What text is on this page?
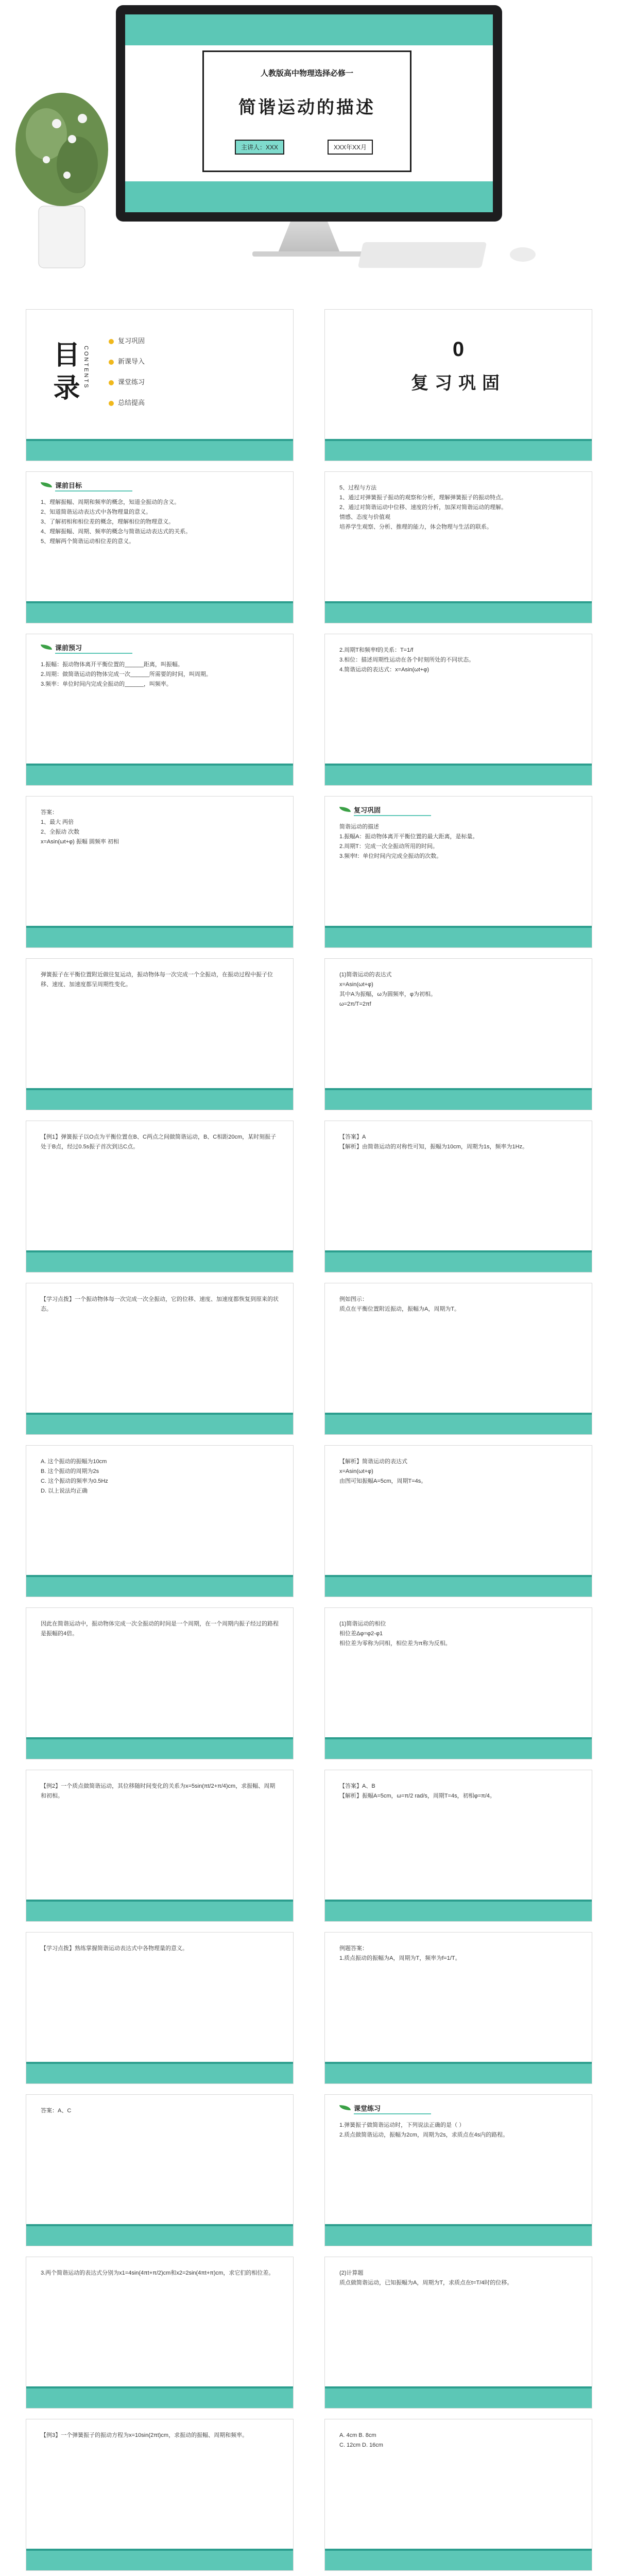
人教版高中物理选择必修一
简谐运动的描述
主讲人：XXX	XXX年XX月
目录 CONTENTS
复习巩固
新课导入
课堂练习
总结提高
0
复习巩固
课前目标
1、理解振幅、周期和频率的概念，知道全振动的含义。
2、知道简谐运动表达式中各物理量的意义。
3、了解初相和相位差的概念，理解相位的物理意义。
4、理解振幅、周期、频率的概念与简谐运动表达式的关系。
5、理解两个简谐运动相位差的意义。
5、过程与方法
1、通过对弹簧振子振动的观察和分析，理解弹簧振子的振动特点。
2、通过对简谐运动中位移、速度的分析，加深对简谐运动的理解。
情感、态度与价值观
培养学生观察、分析、推理的能力，体会物理与生活的联系。
课前预习
1.振幅：振动物体离开平衡位置的______距离，叫振幅。
2.周期：做简谐运动的物体完成一次______所需要的时间，叫周期。
3.频率：单位时间内完成全振动的______，叫频率。
2.周期T和频率f的关系：T=1/f
3.相位：描述周期性运动在各个时刻所处的不同状态。
4.简谐运动的表达式：x=Asin(ωt+φ)
答案：
1、最大 两倍
2、全振动 次数
x=Asin(ωt+φ) 振幅 圆频率 初相
复习巩固
简谐运动的描述
1.振幅A：振动物体离开平衡位置的最大距离，是标量。
2.周期T：完成一次全振动所用的时间。
3.频率f：单位时间内完成全振动的次数。
弹簧振子在平衡位置附近做往复运动，振动物体每一次完成一个全振动，在振动过程中振子位移、速度、加速度都呈周期性变化。
(1)简谐运动的表达式
x=Asin(ωt+φ)
其中A为振幅，ω为圆频率，φ为初相。
ω=2π/T=2πf
【例1】弹簧振子以O点为平衡位置在B、C两点之间做简谐运动，B、C相距20cm，某时刻振子处于B点，经过0.5s振子首次到达C点。
【答案】A
【解析】由简谐运动的对称性可知，振幅为10cm，周期为1s，频率为1Hz。
【学习点拨】一个振动物体每一次完成一次全振动，它的位移、速度、加速度都恢复到原来的状态。
例如图示：
质点在平衡位置附近振动，振幅为A，周期为T。
A. 这个振动的振幅为10cm
B. 这个振动的周期为2s
C. 这个振动的频率为0.5Hz
D. 以上说法均正确
【解析】简谐运动的表达式
x=Asin(ωt+φ)
由图可知振幅A=5cm，周期T=4s。
因此在简谐运动中，振动物体完成一次全振动的时间是一个周期，在一个周期内振子经过的路程是振幅的4倍。
(1)简谐运动的相位
相位差Δφ=φ2-φ1
相位差为零称为同相，相位差为π称为反相。
【例2】一个质点做简谐运动，其位移随时间变化的关系为x=5sin(πt/2+π/4)cm，求振幅、周期和初相。
【答案】A、B
【解析】振幅A=5cm，ω=π/2 rad/s，周期T=4s，初相φ=π/4。
【学习点拨】熟练掌握简谐运动表达式中各物理量的意义。	例题答案：
1.质点振动的振幅为A，周期为T，频率为f=1/T。
答案：A、C	课堂练习
1.弹簧振子做简谐运动时，下列说法正确的是（ ）
2.质点做简谐运动，振幅为2cm，周期为2s，求质点在4s内的路程。
3.两个简谐运动的表达式分别为x1=4sin(4πt+π/2)cm和x2=2sin(4πt+π)cm，求它们的相位差。	(2)计算题
质点做简谐运动，已知振幅为A，周期为T，求质点在t=T/4时的位移。
【例3】一个弹簧振子的振动方程为x=10sin(2πt)cm，求振动的振幅、周期和频率。	A. 4cm B. 8cm
C. 12cm D. 16cm
